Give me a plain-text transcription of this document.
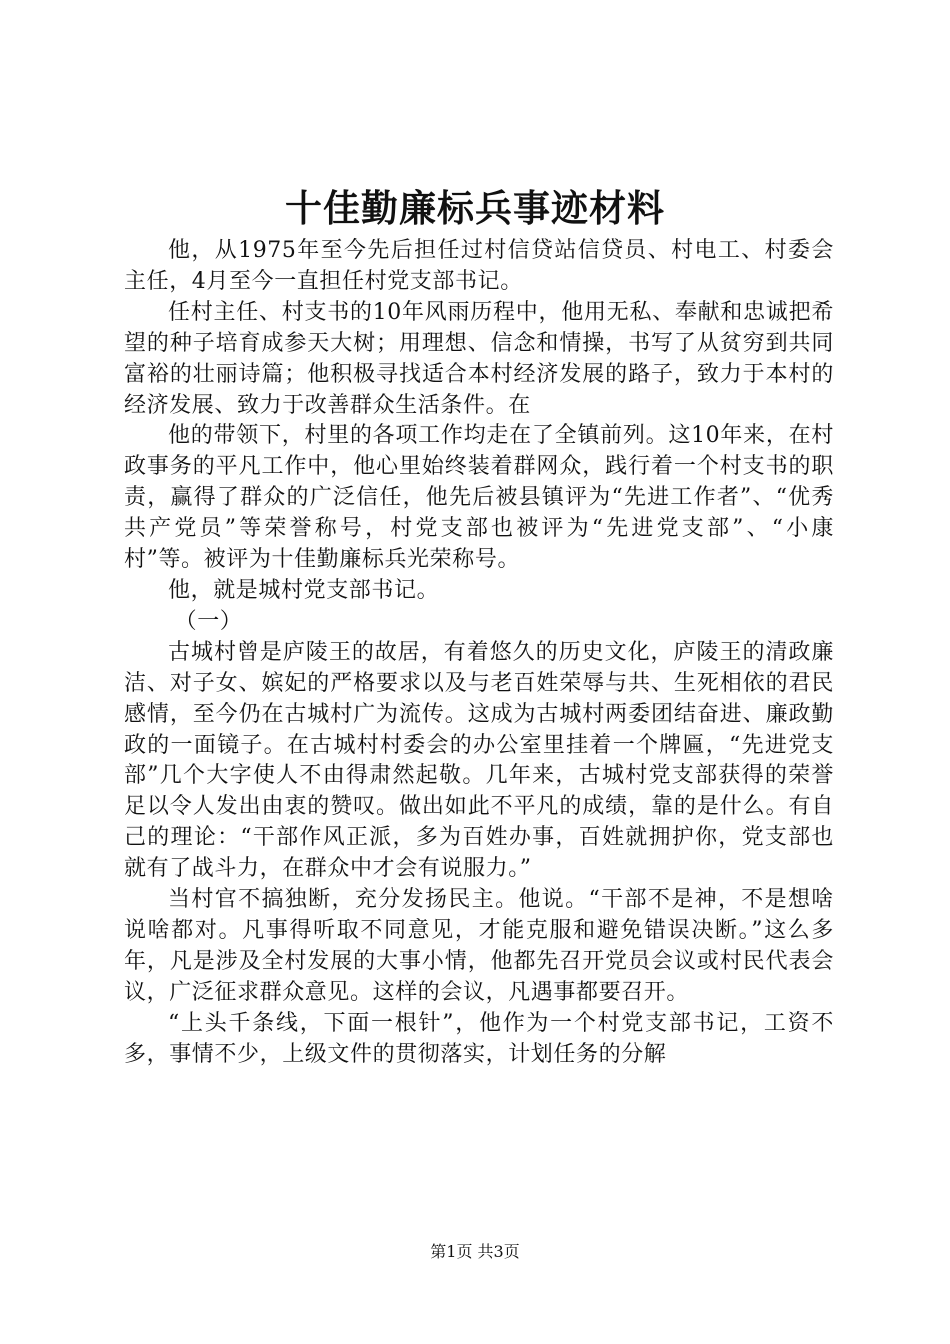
十佳勤廉标兵事迹材料

他，从1975年至今先后担任过村信贷站信贷员、村电工、村委会主任，4月至今一直担任村党支部书记。

任村主任、村支书的10年风雨历程中，他用无私、奉献和忠诚把希望的种子培育成参天大树；用理想、信念和情操，书写了从贫穷到共同富裕的壮丽诗篇；他积极寻找适合本村经济发展的路子，致力于本村的经济发展、致力于改善群众生活条件。在

他的带领下，村里的各项工作均走在了全镇前列。这10年来，在村政事务的平凡工作中，他心里始终装着群网众，践行着一个村支书的职责，赢得了群众的广泛信任，他先后被县镇评为“先进工作者”、“优秀共产党员”等荣誉称号，村党支部也被评为“先进党支部”、“小康村”等。被评为十佳勤廉标兵光荣称号。

他，就是城村党支部书记。

（一）

古城村曾是庐陵王的故居，有着悠久的历史文化，庐陵王的清政廉洁、对子女、嫔妃的严格要求以及与老百姓荣辱与共、生死相依的君民感情，至今仍在古城村广为流传。这成为古城村两委团结奋进、廉政勤政的一面镜子。在古城村村委会的办公室里挂着一个牌匾，“先进党支部”几个大字使人不由得肃然起敬。几年来，古城村党支部获得的荣誉足以令人发出由衷的赞叹。做出如此不平凡的成绩，靠的是什么。有自己的理论：“干部作风正派，多为百姓办事，百姓就拥护你，党支部也就有了战斗力，在群众中才会有说服力。”

当村官不搞独断，充分发扬民主。他说。“干部不是神，不是想啥说啥都对。凡事得听取不同意见，才能克服和避免错误决断。”这么多年，凡是涉及全村发展的大事小情，他都先召开党员会议或村民代表会议，广泛征求群众意见。这样的会议，凡遇事都要召开。

“上头千条线，下面一根针”，他作为一个村党支部书记，工资不多，事情不少，上级文件的贯彻落实，计划任务的分解

第1页 共3页
